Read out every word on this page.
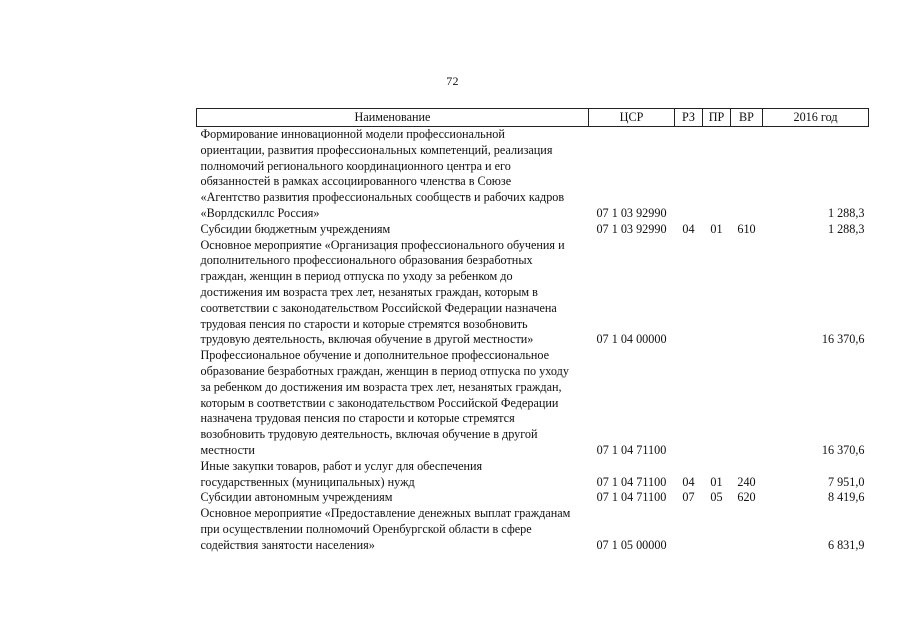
72
Наименование	ЦСР	РЗ	ПР	ВР	2016 год
Формирование инновационной модели профессиональной ориентации, развития профессиональных компетенций, реализация полномочий регионального координационного центра и его обязанностей в рамках ассоциированного членства в Союзе «Агентство развития профессиональных сообществ и рабочих кадров «Ворлдскиллс Россия»	07 1 03 92990				1 288,3
Субсидии бюджетным учреждениям	07 1 03 92990	04	01	610	1 288,3
Основное мероприятие «Организация профессионального обучения и дополнительного профессионального образования безработных граждан, женщин в период отпуска по уходу за ребенком до достижения им возраста трех лет, незанятых граждан, которым в соответствии с законодательством Российской Федерации назначена трудовая пенсия по старости и которые стремятся возобновить трудовую деятельность, включая обучение в другой местности»	07 1 04 00000				16 370,6
Профессиональное обучение и дополнительное профессиональное образование безработных граждан, женщин в период отпуска по уходу за ребенком до достижения им возраста трех лет, незанятых граждан, которым в соответствии с законодательством Российской Федерации назначена трудовая пенсия по старости и которые стремятся возобновить трудовую деятельность, включая обучение в другой местности	07 1 04 71100				16 370,6
Иные закупки товаров, работ и услуг для обеспечения государственных (муниципальных) нужд	07 1 04 71100	04	01	240	7 951,0
Субсидии автономным учреждениям	07 1 04 71100	07	05	620	8 419,6
Основное мероприятие «Предоставление денежных выплат гражданам при осуществлении полномочий Оренбургской области в сфере содействия занятости населения»	07 1 05 00000				6 831,9
